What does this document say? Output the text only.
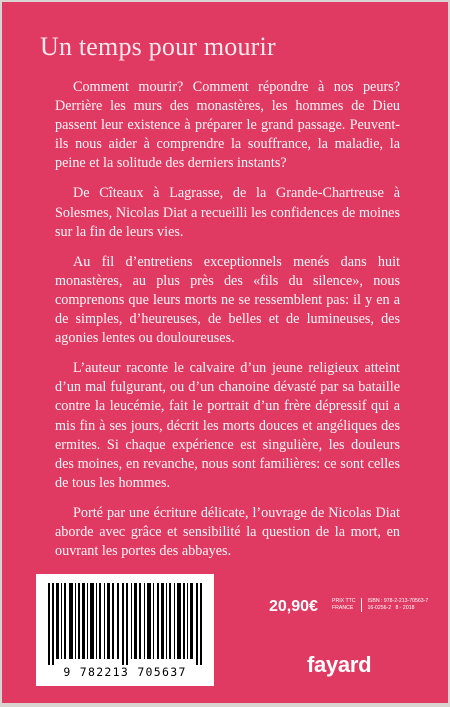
Un temps pour mourir

Comment mourir? Comment répondre à nos peurs? Derrière les murs des monastères, les hommes de Dieu passent leur existence à préparer le grand passage. Peuvent-ils nous aider à comprendre la souffrance, la maladie, la peine et la solitude des derniers instants?

De Cîteaux à Lagrasse, de la Grande-Chartreuse à Solesmes, Nicolas Diat a recueilli les confidences de moines sur la fin de leurs vies.

Au fil d’entretiens exceptionnels menés dans huit monastères, au plus près des «fils du silence», nous comprenons que leurs morts ne se ressemblent pas: il y en a de simples, d’heureuses, de belles et de lumineuses, des agonies lentes ou douloureuses.

L’auteur raconte le calvaire d’un jeune religieux atteint d’un mal fulgurant, ou d’un chanoine dévasté par sa bataille contre la leucémie, fait le portrait d’un frère dépressif qui a mis fin à ses jours, décrit les morts douces et angéliques des ermites. Si chaque expérience est singulière, les douleurs des moines, en revanche, nous sont familières: ce sont celles de tous les hommes.

Porté par une écriture délicate, l’ouvrage de Nicolas Diat aborde avec grâce et sensibilité la question de la mort, en ouvrant les portes des abbayes.

9 782213 705637
20,90€	PRIX TTC
FRANCE  ISBN : 978-2-213-70563-7
16-0256-2 8 · 2018
fayard
